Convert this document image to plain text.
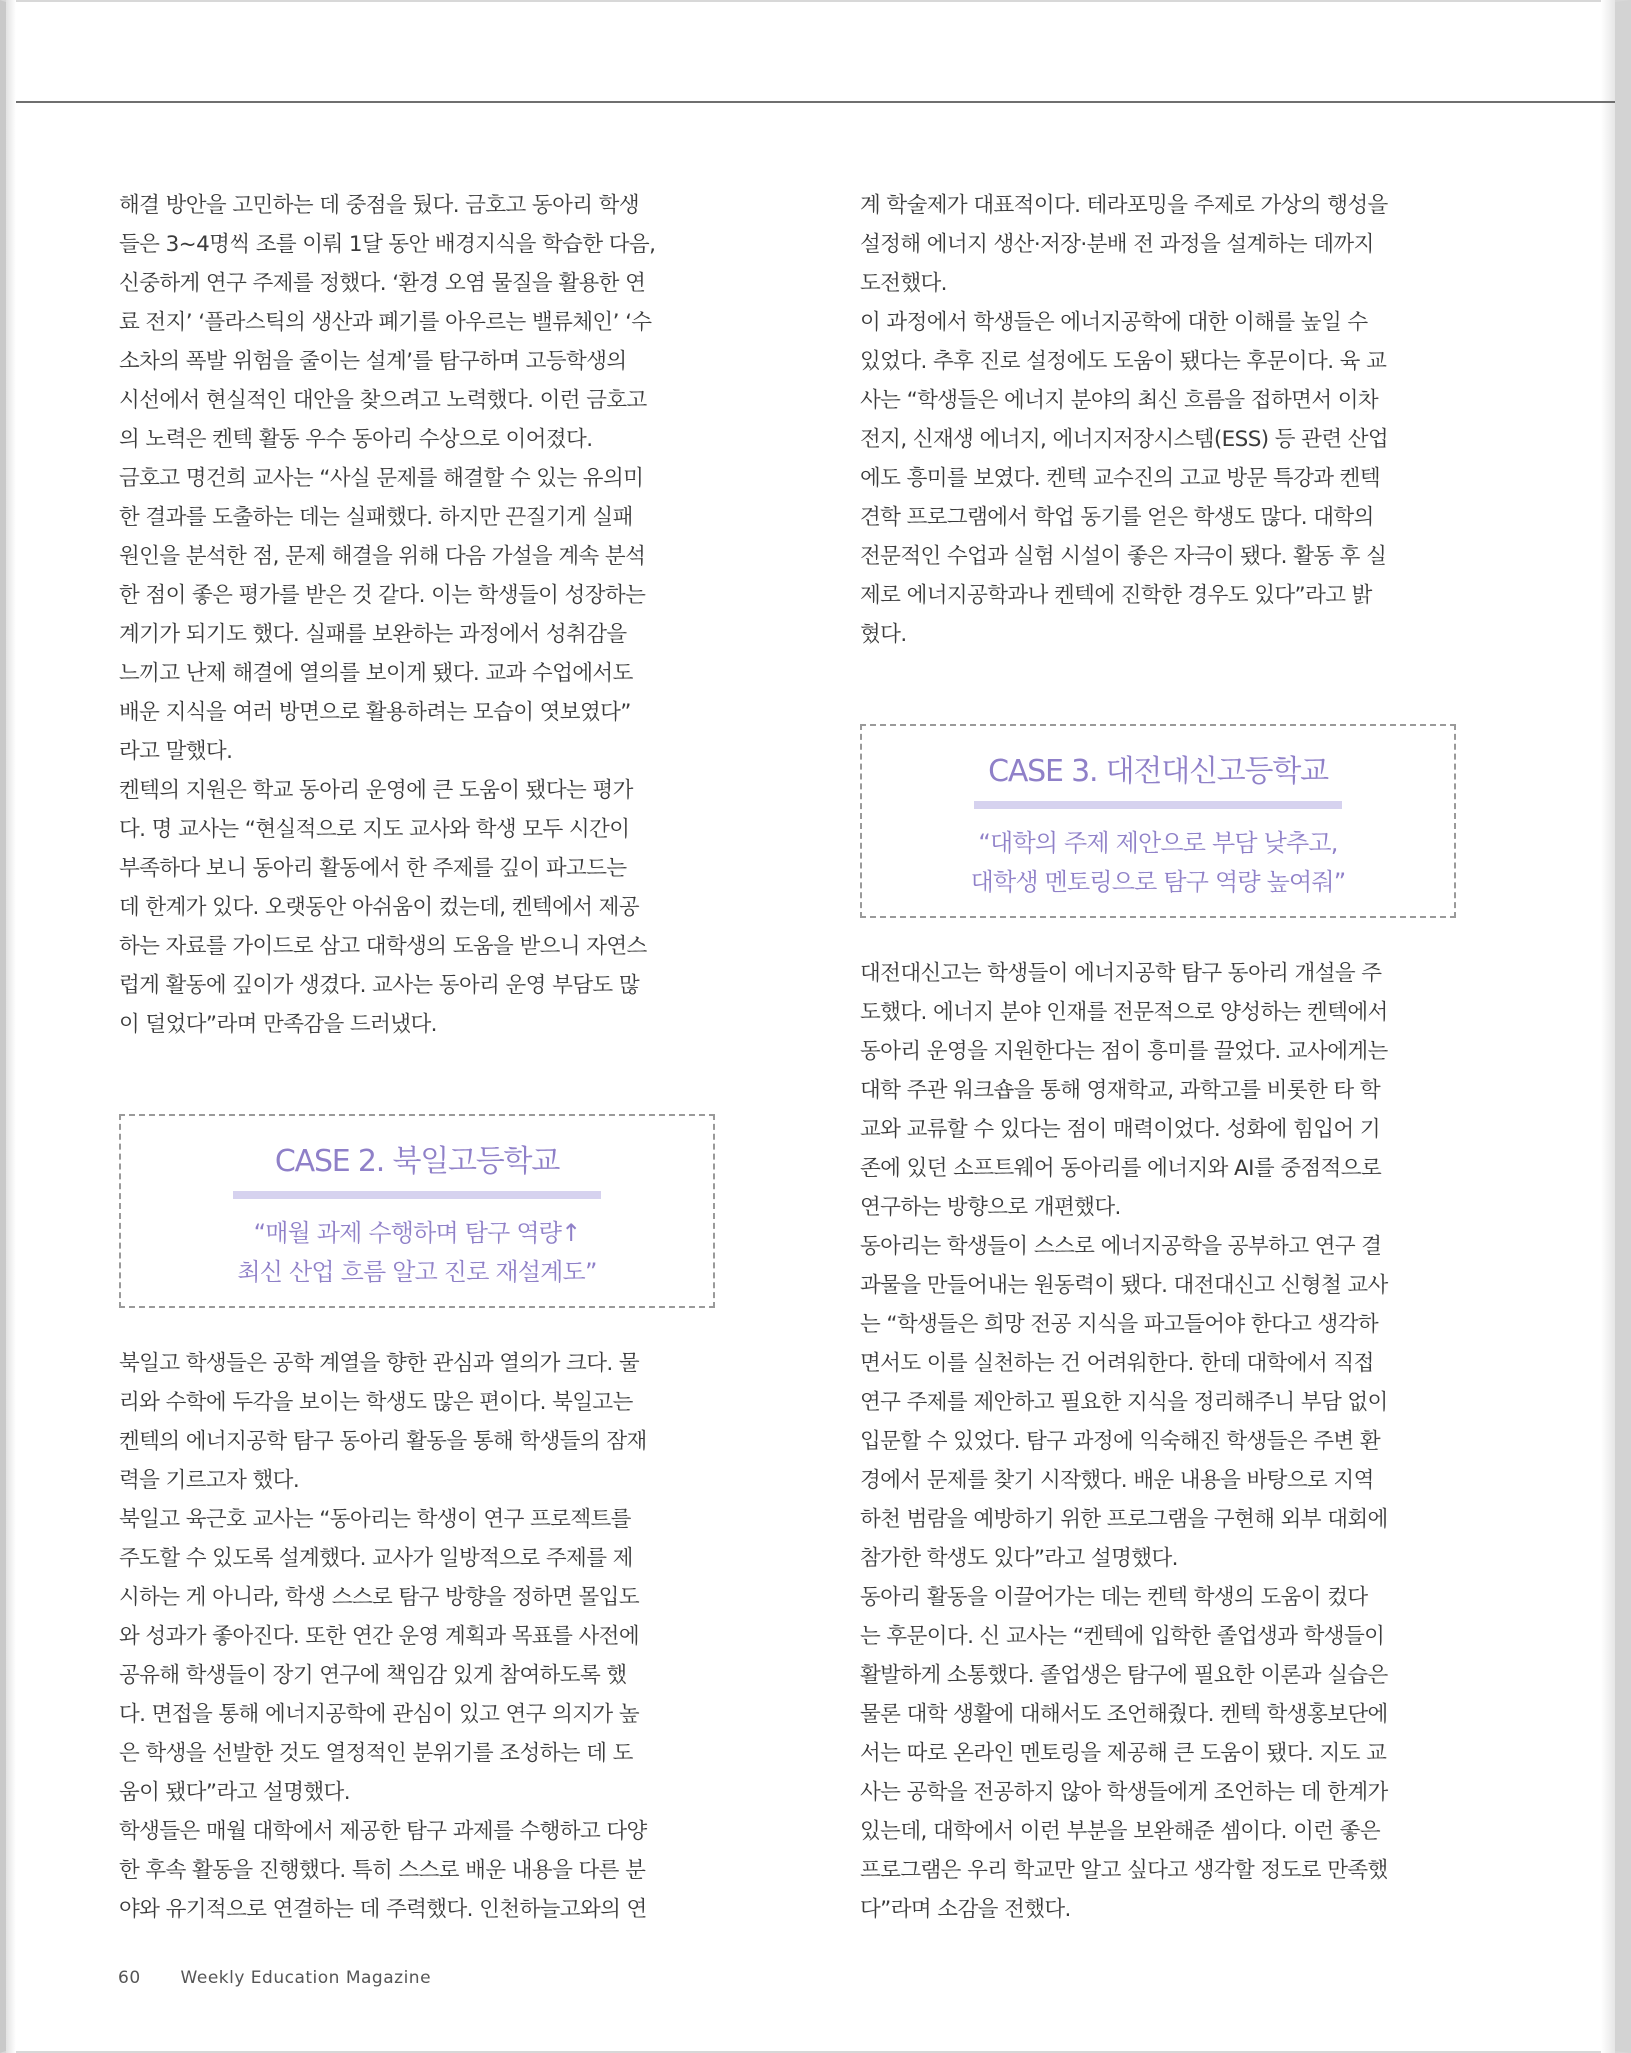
해결 방안을 고민하는 데 중점을 뒀다. 금호고 동아리 학생
들은 3~4명씩 조를 이뤄 1달 동안 배경지식을 학습한 다음,
신중하게 연구 주제를 정했다. ‘환경 오염 물질을 활용한 연
료 전지’ ‘플라스틱의 생산과 폐기를 아우르는 밸류체인’ ‘수
소차의 폭발 위험을 줄이는 설계’를 탐구하며 고등학생의
시선에서 현실적인 대안을 찾으려고 노력했다. 이런 금호고
의 노력은 켄텍 활동 우수 동아리 수상으로 이어졌다.

금호고 명건희 교사는 “사실 문제를 해결할 수 있는 유의미
한 결과를 도출하는 데는 실패했다. 하지만 끈질기게 실패
원인을 분석한 점, 문제 해결을 위해 다음 가설을 계속 분석
한 점이 좋은 평가를 받은 것 같다. 이는 학생들이 성장하는
계기가 되기도 했다. 실패를 보완하는 과정에서 성취감을
느끼고 난제 해결에 열의를 보이게 됐다. 교과 수업에서도
배운 지식을 여러 방면으로 활용하려는 모습이 엿보였다”
라고 말했다.

켄텍의 지원은 학교 동아리 운영에 큰 도움이 됐다는 평가
다. 명 교사는 “현실적으로 지도 교사와 학생 모두 시간이
부족하다 보니 동아리 활동에서 한 주제를 깊이 파고드는
데 한계가 있다. 오랫동안 아쉬움이 컸는데, 켄텍에서 제공
하는 자료를 가이드로 삼고 대학생의 도움을 받으니 자연스
럽게 활동에 깊이가 생겼다. 교사는 동아리 운영 부담도 많
이 덜었다”라며 만족감을 드러냈다.

CASE 2. 북일고등학교
“매월 과제 수행하며 탐구 역량↑
최신 산업 흐름 알고 진로 재설계도”

북일고 학생들은 공학 계열을 향한 관심과 열의가 크다. 물
리와 수학에 두각을 보이는 학생도 많은 편이다. 북일고는
켄텍의 에너지공학 탐구 동아리 활동을 통해 학생들의 잠재
력을 기르고자 했다.

북일고 육근호 교사는 “동아리는 학생이 연구 프로젝트를
주도할 수 있도록 설계했다. 교사가 일방적으로 주제를 제
시하는 게 아니라, 학생 스스로 탐구 방향을 정하면 몰입도
와 성과가 좋아진다. 또한 연간 운영 계획과 목표를 사전에
공유해 학생들이 장기 연구에 책임감 있게 참여하도록 했
다. 면접을 통해 에너지공학에 관심이 있고 연구 의지가 높
은 학생을 선발한 것도 열정적인 분위기를 조성하는 데 도
움이 됐다”라고 설명했다.

학생들은 매월 대학에서 제공한 탐구 과제를 수행하고 다양
한 후속 활동을 진행했다. 특히 스스로 배운 내용을 다른 분
야와 유기적으로 연결하는 데 주력했다. 인천하늘고와의 연

계 학술제가 대표적이다. 테라포밍을 주제로 가상의 행성을
설정해 에너지 생산·저장·분배 전 과정을 설계하는 데까지
도전했다.

이 과정에서 학생들은 에너지공학에 대한 이해를 높일 수
있었다. 추후 진로 설정에도 도움이 됐다는 후문이다. 육 교
사는 “학생들은 에너지 분야의 최신 흐름을 접하면서 이차
전지, 신재생 에너지, 에너지저장시스템(ESS) 등 관련 산업
에도 흥미를 보였다. 켄텍 교수진의 고교 방문 특강과 켄텍
견학 프로그램에서 학업 동기를 얻은 학생도 많다. 대학의
전문적인 수업과 실험 시설이 좋은 자극이 됐다. 활동 후 실
제로 에너지공학과나 켄텍에 진학한 경우도 있다”라고 밝
혔다.

CASE 3. 대전대신고등학교
“대학의 주제 제안으로 부담 낮추고,
대학생 멘토링으로 탐구 역량 높여줘”

대전대신고는 학생들이 에너지공학 탐구 동아리 개설을 주
도했다. 에너지 분야 인재를 전문적으로 양성하는 켄텍에서
동아리 운영을 지원한다는 점이 흥미를 끌었다. 교사에게는
대학 주관 워크숍을 통해 영재학교, 과학고를 비롯한 타 학
교와 교류할 수 있다는 점이 매력이었다. 성화에 힘입어 기
존에 있던 소프트웨어 동아리를 에너지와 AI를 중점적으로
연구하는 방향으로 개편했다.

동아리는 학생들이 스스로 에너지공학을 공부하고 연구 결
과물을 만들어내는 원동력이 됐다. 대전대신고 신형철 교사
는 “학생들은 희망 전공 지식을 파고들어야 한다고 생각하
면서도 이를 실천하는 건 어려워한다. 한데 대학에서 직접
연구 주제를 제안하고 필요한 지식을 정리해주니 부담 없이
입문할 수 있었다. 탐구 과정에 익숙해진 학생들은 주변 환
경에서 문제를 찾기 시작했다. 배운 내용을 바탕으로 지역
하천 범람을 예방하기 위한 프로그램을 구현해 외부 대회에
참가한 학생도 있다”라고 설명했다.

동아리 활동을 이끌어가는 데는 켄텍 학생의 도움이 컸다
는 후문이다. 신 교사는 “켄텍에 입학한 졸업생과 학생들이
활발하게 소통했다. 졸업생은 탐구에 필요한 이론과 실습은
물론 대학 생활에 대해서도 조언해줬다. 켄텍 학생홍보단에
서는 따로 온라인 멘토링을 제공해 큰 도움이 됐다. 지도 교
사는 공학을 전공하지 않아 학생들에게 조언하는 데 한계가
있는데, 대학에서 이런 부분을 보완해준 셈이다. 이런 좋은
프로그램은 우리 학교만 알고 싶다고 생각할 정도로 만족했
다”라며 소감을 전했다.

60 Weekly Education Magazine
